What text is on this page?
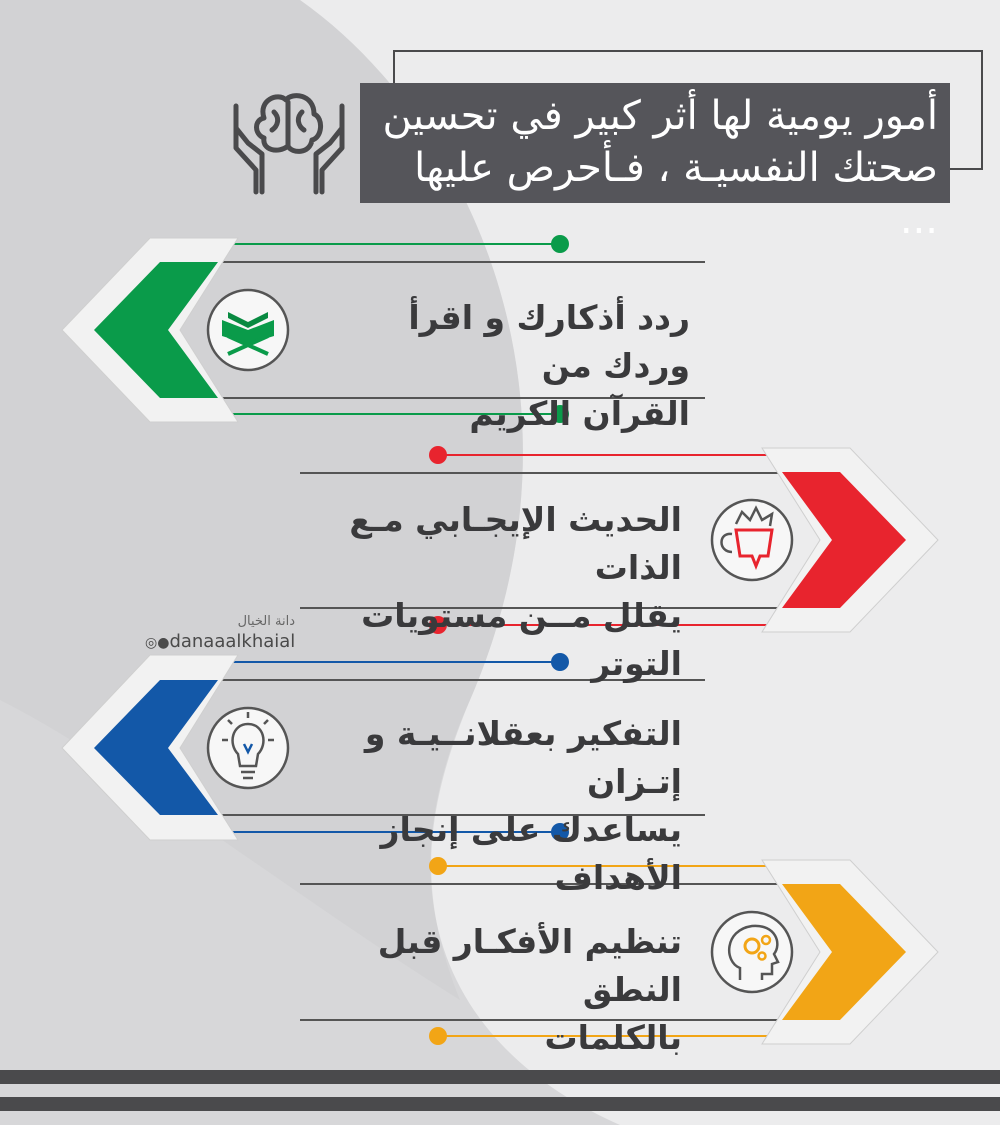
أمور يومية لها أثر كبير في تحسين
صحتك النفسيـة ، فـأحرص عليها ...
ردد أذكارك و اقرأ وردك من
القرآن الكريم
الحديث الإيجـابي مـع الذات
يقلل مــن مستويات التوتر
التفكير بعقلانــيـة و إتـزان
يساعدك على إنجاز الأهداف
تنظيم الأفكـار قبل النطق
بالكلمات
دانة الخيال
◎●danaaalkhaial
